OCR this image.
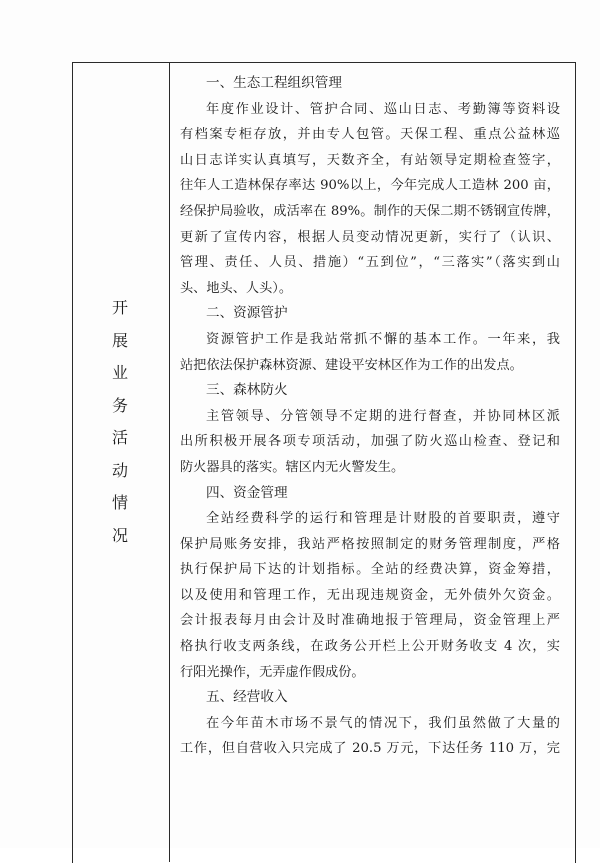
开
展
业
务
活
动
情
况
一、生态工程组织管理
年度作业设计、管护合同、巡山日志、考勤簿等资料设
有档案专柜存放，并由专人包管。天保工程、重点公益林巡
山日志详实认真填写，天数齐全，有站领导定期检查签字，
往年人工造林保存率达 90%以上，今年完成人工造林 200 亩，
经保护局验收，成活率在 89%。制作的天保二期不锈钢宣传牌，
更新了宣传内容，根据人员变动情况更新，实行了（认识、
管理、责任、人员、措施）“五到位”，“三落实”（落实到山
头、地头、人头）。
二、资源管护
资源管护工作是我站常抓不懈的基本工作。一年来，我
站把依法保护森林资源、建设平安林区作为工作的出发点。
三、森林防火
主管领导、分管领导不定期的进行督查，并协同林区派
出所积极开展各项专项活动，加强了防火巡山检查、登记和
防火器具的落实。辖区内无火警发生。
四、资金管理
全站经费科学的运行和管理是计财股的首要职责，遵守
保护局账务安排，我站严格按照制定的财务管理制度，严格
执行保护局下达的计划指标。全站的经费决算，资金筹措，
以及使用和管理工作，无出现违规资金，无外债外欠资金。
会计报表每月由会计及时准确地报于管理局，资金管理上严
格执行收支两条线，在政务公开栏上公开财务收支 4 次，实
行阳光操作，无弄虚作假成份。
五、经营收入
在今年苗木市场不景气的情况下，我们虽然做了大量的
工作，但自营收入只完成了 20.5 万元，下达任务 110 万，完
